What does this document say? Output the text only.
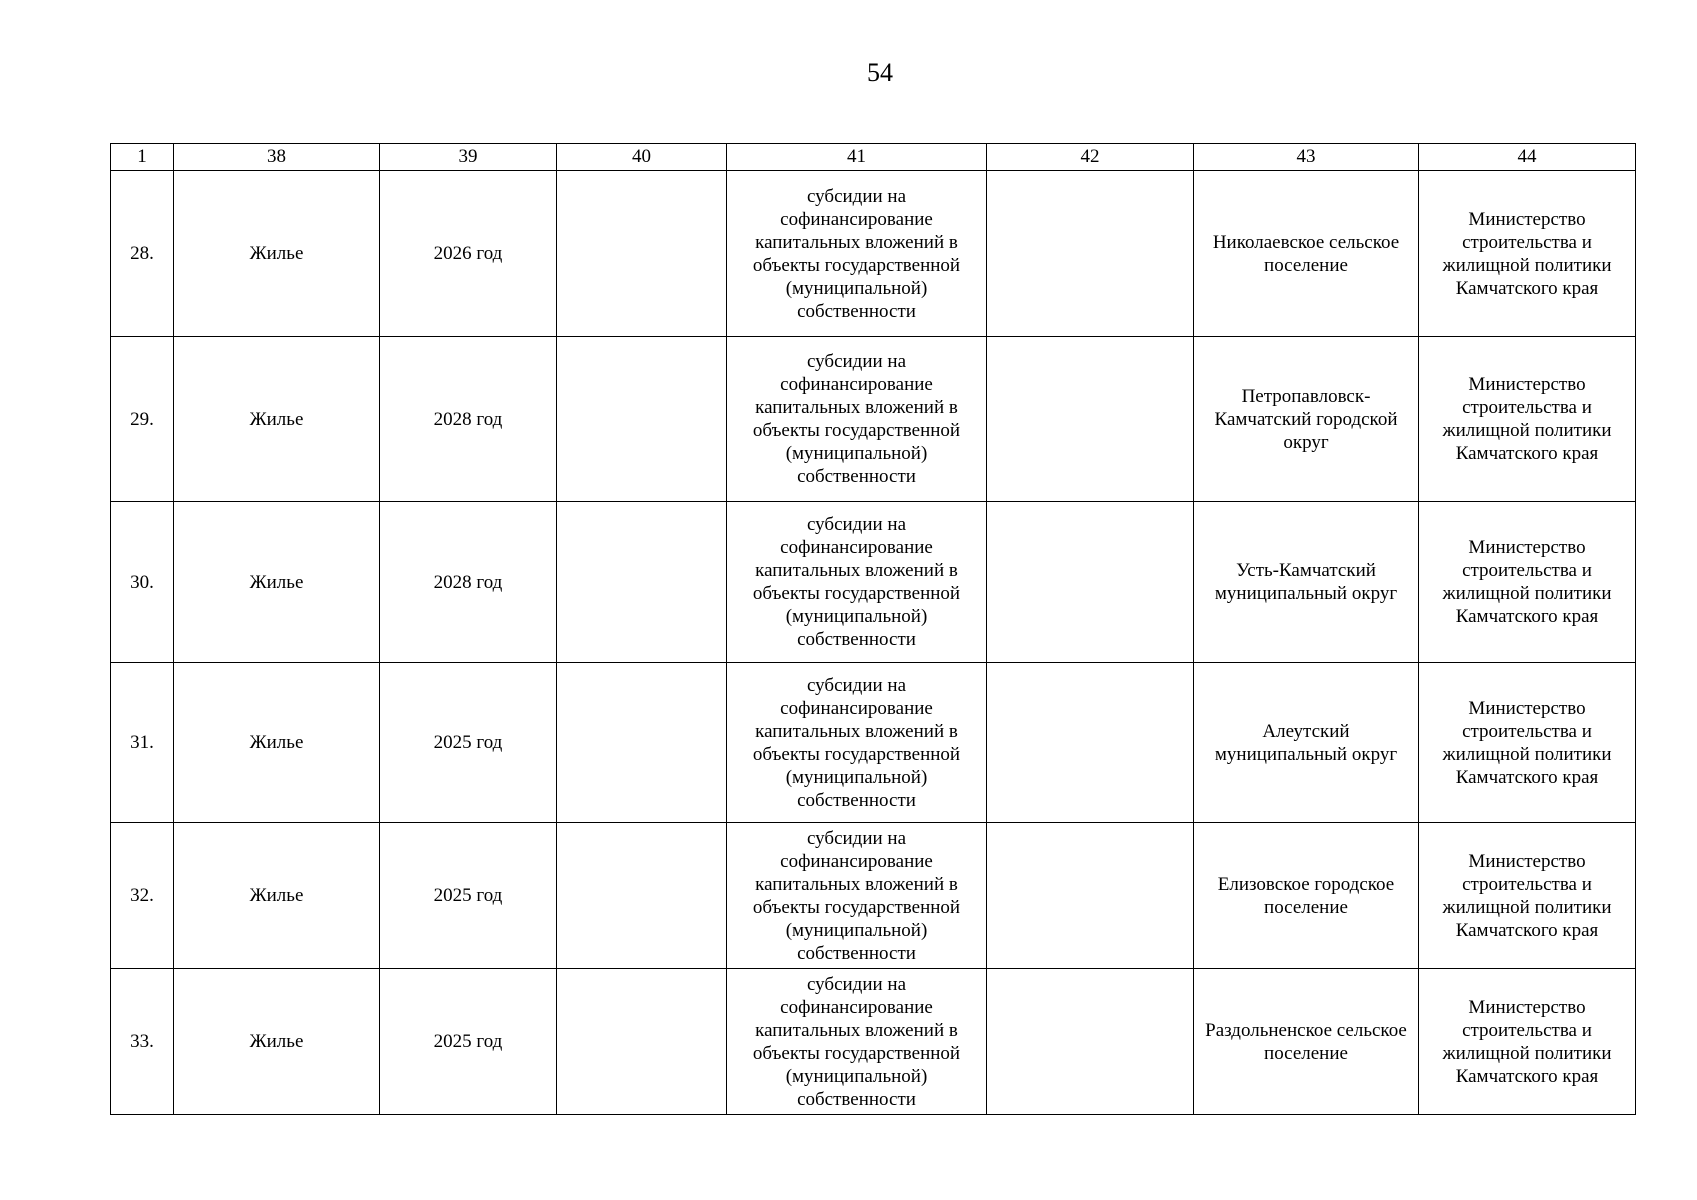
54
1	38	39	40	41	42	43	44
28.	Жилье	2026 год		субсидии на софинансирование капитальных вложений в объекты государственной (муниципальной) собственности		Николаевское сельское поселение	Министерство строительства и жилищной политики Камчатского края
29.	Жилье	2028 год		субсидии на софинансирование капитальных вложений в объекты государственной (муниципальной) собственности		Петропавловск-Камчатский городской округ	Министерство строительства и жилищной политики Камчатского края
30.	Жилье	2028 год		субсидии на софинансирование капитальных вложений в объекты государственной (муниципальной) собственности		Усть-Камчатский муниципальный округ	Министерство строительства и жилищной политики Камчатского края
31.	Жилье	2025 год		субсидии на софинансирование капитальных вложений в объекты государственной (муниципальной) собственности		Алеутский муниципальный округ	Министерство строительства и жилищной политики Камчатского края
32.	Жилье	2025 год		субсидии на софинансирование капитальных вложений в объекты государственной (муниципальной) собственности		Елизовское городское поселение	Министерство строительства и жилищной политики Камчатского края
33.	Жилье	2025 год		субсидии на софинансирование капитальных вложений в объекты государственной (муниципальной) собственности		Раздольненское сельское поселение	Министерство строительства и жилищной политики Камчатского края
